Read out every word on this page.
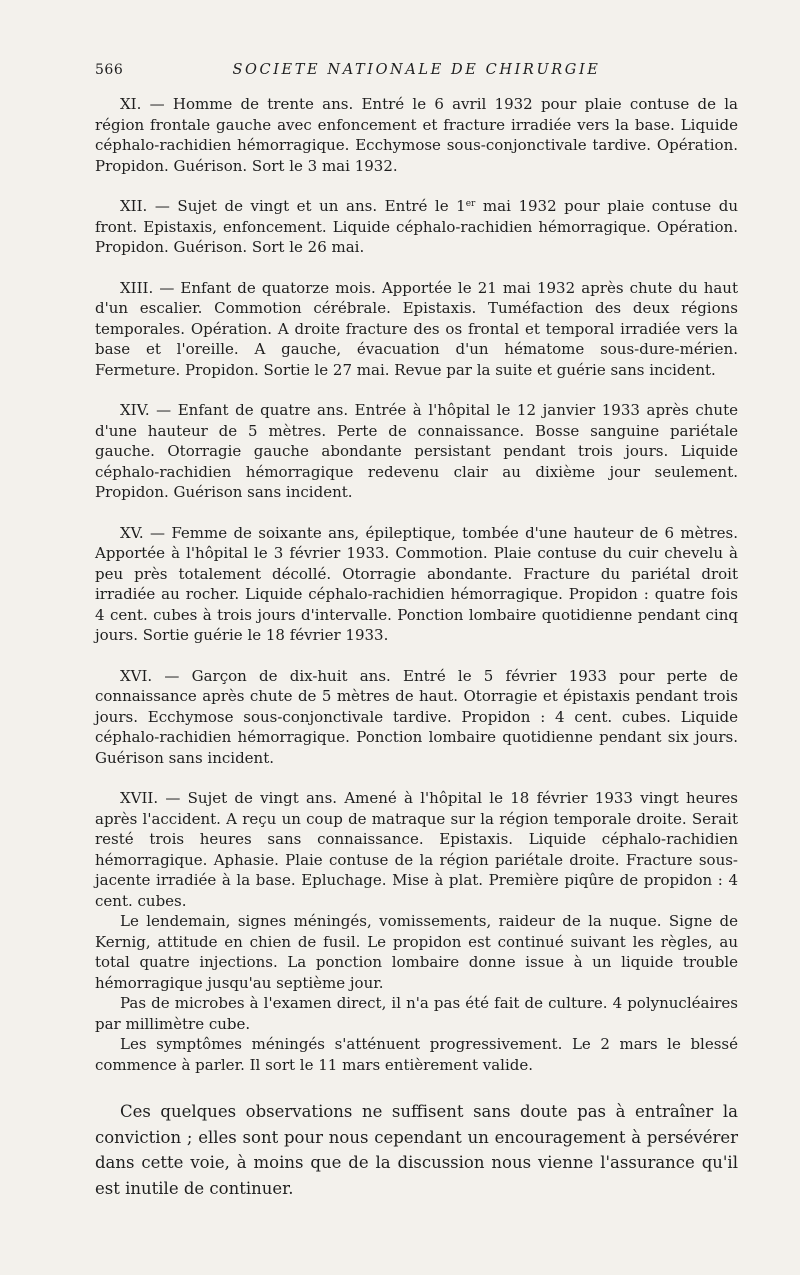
566	SOCIETE NATIONALE DE CHIRURGIE

XI. — Homme de trente ans. Entré le 6 avril 1932 pour plaie contuse de la région frontale gauche avec enfoncement et fracture irradiée vers la base. Liquide céphalo-rachidien hémorragique. Ecchymose sous-conjonctivale tardive. Opération. Propidon. Guérison. Sort le 3 mai 1932.

XII. — Sujet de vingt et un ans. Entré le 1er mai 1932 pour plaie contuse du front. Epistaxis, enfoncement. Liquide céphalo-rachidien hémorragique. Opération. Propidon. Guérison. Sort le 26 mai.

XIII. — Enfant de quatorze mois. Apportée le 21 mai 1932 après chute du haut d'un escalier. Commotion cérébrale. Epistaxis. Tuméfaction des deux régions temporales. Opération. A droite fracture des os frontal et temporal irradiée vers la base et l'oreille. A gauche, évacuation d'un hématome sous-dure-mérien. Fermeture. Propidon. Sortie le 27 mai. Revue par la suite et guérie sans incident.

XIV. — Enfant de quatre ans. Entrée à l'hôpital le 12 janvier 1933 après chute d'une hauteur de 5 mètres. Perte de connaissance. Bosse sanguine pariétale gauche. Otorragie gauche abondante persistant pendant trois jours. Liquide céphalo-rachidien hémorragique redevenu clair au dixième jour seulement. Propidon. Guérison sans incident.

XV. — Femme de soixante ans, épileptique, tombée d'une hauteur de 6 mètres. Apportée à l'hôpital le 3 février 1933. Commotion. Plaie contuse du cuir chevelu à peu près totalement décollé. Otorragie abondante. Fracture du pariétal droit irradiée au rocher. Liquide céphalo-rachidien hémorragique. Propidon : quatre fois 4 cent. cubes à trois jours d'intervalle. Ponction lombaire quotidienne pendant cinq jours. Sortie guérie le 18 février 1933.

XVI. — Garçon de dix-huit ans. Entré le 5 février 1933 pour perte de connaissance après chute de 5 mètres de haut. Otorragie et épistaxis pendant trois jours. Ecchymose sous-conjonctivale tardive. Propidon : 4 cent. cubes. Liquide céphalo-rachidien hémorragique. Ponction lombaire quotidienne pendant six jours. Guérison sans incident.

XVII. — Sujet de vingt ans. Amené à l'hôpital le 18 février 1933 vingt heures après l'accident. A reçu un coup de matraque sur la région temporale droite. Serait resté trois heures sans connaissance. Epistaxis. Liquide céphalo-rachidien hémorragique. Aphasie. Plaie contuse de la région pariétale droite. Fracture sous-jacente irradiée à la base. Epluchage. Mise à plat. Première piqûre de propidon : 4 cent. cubes.

Le lendemain, signes méningés, vomissements, raideur de la nuque. Signe de Kernig, attitude en chien de fusil. Le propidon est continué suivant les règles, au total quatre injections. La ponction lombaire donne issue à un liquide trouble hémorragique jusqu'au septième jour.

Pas de microbes à l'examen direct, il n'a pas été fait de culture. 4 polynucléaires par millimètre cube.

Les symptômes méningés s'atténuent progressivement. Le 2 mars le blessé commence à parler. Il sort le 11 mars entièrement valide.

Ces quelques observations ne suffisent sans doute pas à entraîner la conviction ; elles sont pour nous cependant un encouragement à persévérer dans cette voie, à moins que de la discussion nous vienne l'assurance qu'il est inutile de continuer.
